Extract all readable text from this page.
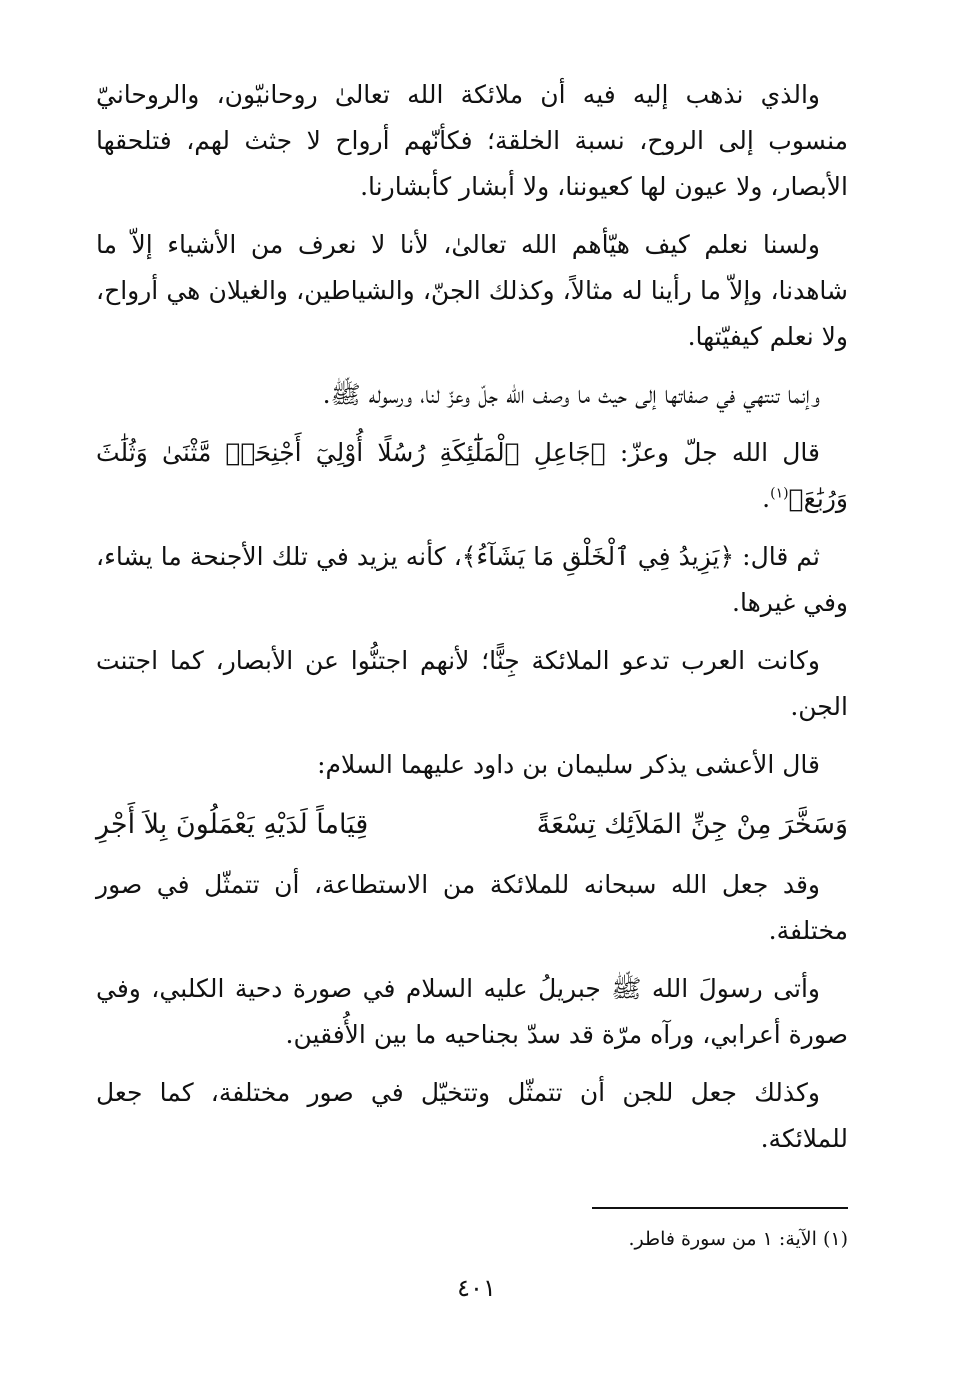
والذي نذهب إليه فيه أن ملائكة الله تعالىٰ روحانيّون، والروحانيّ منسوب إلى الروح، نسبة الخلقة؛ فكأنّهم أرواح لا جثث لهم، فتلحقها الأبصار، ولا عيون لها كعيوننا، ولا أبشار كأبشارنا.

ولسنا نعلم كيف هيّأهم الله تعالىٰ، لأنا لا نعرف من الأشياء إلاّ ما شاهدنا، وإلاّ ما رأينا له مثالاً، وكذلك الجنّ، والشياطين، والغيلان هي أرواح، ولا نعلم كيفيّتها.

وإنما تنتهي في صفاتها إلى حيث ما وصف الله جلّ وعزّ لنا، ورسوله ﷺ.

قال الله جلّ وعزّ: ﴿جَاعِلِ ٱلْمَلَٰٓئِكَةِ رُسُلًا أُوْلِيٓ أَجْنِحَةٖ مَّثْنَىٰ وَثُلَٰثَ وَرُبَٰعَ﴾$^{(١)}$.

ثم قال: ﴿يَزِيدُ فِي ٱلْخَلْقِ مَا يَشَآءُ﴾، كأنه يزيد في تلك الأجنحة ما يشاء، وفي غيرها.

وكانت العرب تدعو الملائكة جِنًّا؛ لأنهم اجتنُّوا عن الأبصار، كما اجتنت الجن.

قال الأعشى يذكر سليمان بن داود عليهما السلام:

وَسَخَّرَ مِنْ جِنِّ المَلاَئِك تِسْعَةً
قِيَاماً لَدَيْهِ يَعْمَلُونَ بِلاَ أَجْرِ

وقد جعل الله سبحانه للملائكة من الاستطاعة، أن تتمثّل في صور مختلفة.

وأتى رسولَ الله ﷺ جبريلُ عليه السلام في صورة دحية الكلبي، وفي صورة أعرابي، ورآه مرّة قد سدّ بجناحيه ما بين الأُفقين.

وكذلك جعل للجن أن تتمثّل وتتخيّل في صور مختلفة، كما جعل للملائكة.

(١) الآية: ١ من سورة فاطر.
٤٠١
